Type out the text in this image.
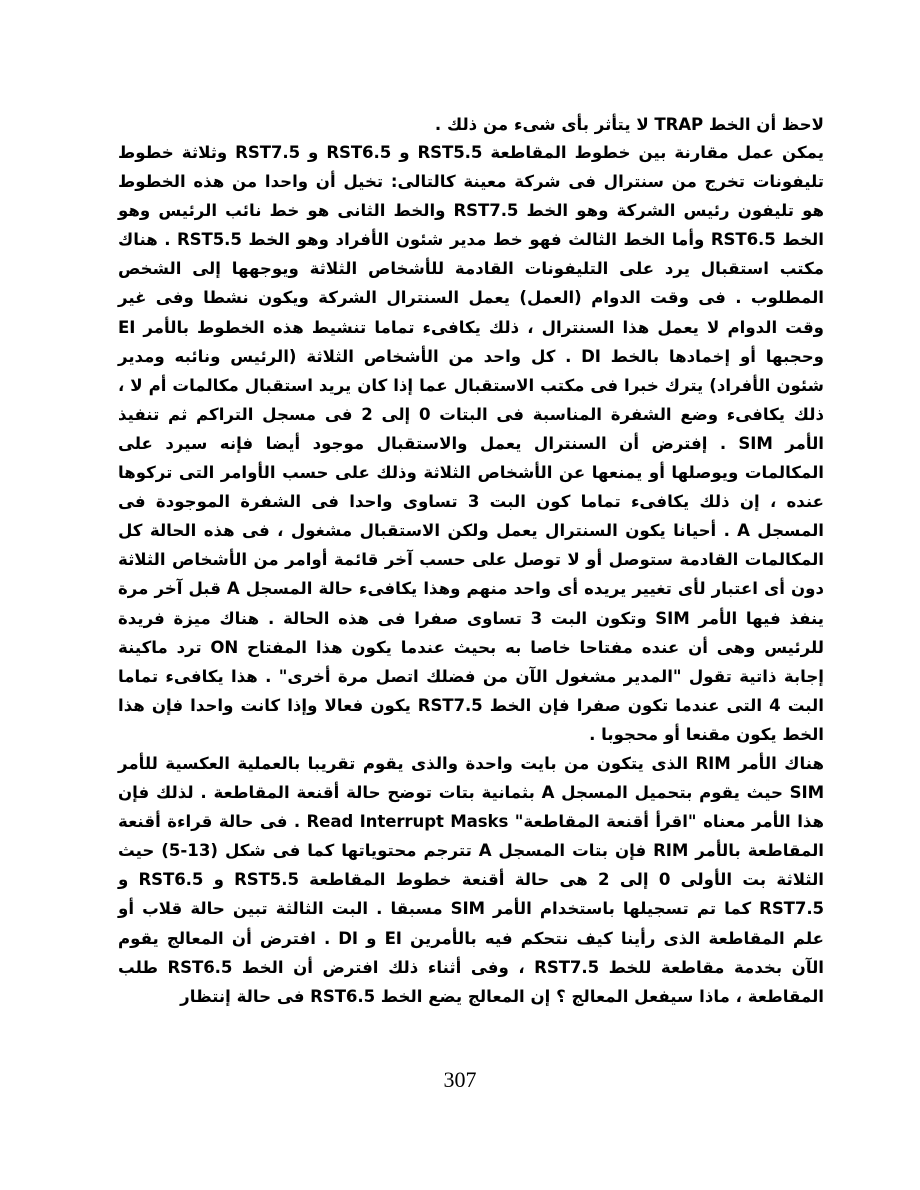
لاحظ أن الخط TRAP لا يتأثر بأى شىء من ذلك .

يمكن عمل مقارنة بين خطوط المقاطعة RST5.5 و RST6.5 و RST7.5 وثلاثة خطوط تليفونات تخرج من سنترال فى شركة معينة كالتالى: تخيل أن واحدا من هذه الخطوط هو تليفون رئيس الشركة وهو الخط RST7.5 والخط الثانى هو خط نائب الرئيس وهو الخط RST6.5 وأما الخط الثالث فهو خط مدير شئون الأفراد وهو الخط RST5.5 . هناك مكتب استقبال يرد على التليفونات القادمة للأشخاص الثلاثة ويوجهها إلى الشخص المطلوب . فى وقت الدوام (العمل) يعمل السنترال الشركة ويكون نشطا وفى غير وقت الدوام لا يعمل هذا السنترال ، ذلك يكافىء تماما تنشيط هذه الخطوط بالأمر EI وحجبها أو إخمادها بالخط DI . كل واحد من الأشخاص الثلاثة (الرئيس ونائبه ومدير شئون الأفراد) يترك خبرا فى مكتب الاستقبال عما إذا كان يريد استقبال مكالمات أم لا ، ذلك يكافىء وضع الشفرة المناسبة فى البتات 0 إلى 2 فى مسجل التراكم ثم تنفيذ الأمر SIM . إفترض أن السنترال يعمل والاستقبال موجود أيضا فإنه سيرد على المكالمات ويوصلها أو يمنعها عن الأشخاص الثلاثة وذلك على حسب الأوامر التى تركوها عنده ، إن ذلك يكافىء تماما كون البت 3 تساوى واحدا فى الشفرة الموجودة فى المسجل A . أحيانا يكون السنترال يعمل ولكن الاستقبال مشغول ، فى هذه الحالة كل المكالمات القادمة ستوصل أو لا توصل على حسب آخر قائمة أوامر من الأشخاص الثلاثة دون أى اعتبار لأى تغيير يريده أى واحد منهم وهذا يكافىء حالة المسجل A قبل آخر مرة ينفذ فيها الأمر SIM وتكون البت 3 تساوى صفرا فى هذه الحالة . هناك ميزة فريدة للرئيس وهى أن عنده مفتاحا خاصا به بحيث عندما يكون هذا المفتاح ON ترد ماكينة إجابة ذاتية تقول "المدير مشغول الآن من فضلك اتصل مرة أخرى" . هذا يكافىء تماما البت 4 التى عندما تكون صفرا فإن الخط RST7.5 يكون فعالا وإذا كانت واحدا فإن هذا الخط يكون مقنعا أو محجوبا .

هناك الأمر RIM الذى يتكون من بايت واحدة والذى يقوم تقريبا بالعملية العكسية للأمر SIM حيث يقوم بتحميل المسجل A بثمانية بتات توضح حالة أقنعة المقاطعة . لذلك فإن هذا الأمر معناه "اقرأ أقنعة المقاطعة" Read Interrupt Masks . فى حالة قراءة أقنعة المقاطعة بالأمر RIM فإن بتات المسجل A تترجم محتوياتها كما فى شكل (13-5) حيث الثلاثة بت الأولى 0 إلى 2 هى حالة أقنعة خطوط المقاطعة RST5.5 و RST6.5 و RST7.5 كما تم تسجيلها باستخدام الأمر SIM مسبقا . البت الثالثة تبين حالة قلاب أو علم المقاطعة الذى رأينا كيف نتحكم فيه بالأمرين EI و DI . افترض أن المعالج يقوم الآن بخدمة مقاطعة للخط RST7.5 ، وفى أثناء ذلك افترض أن الخط RST6.5 طلب المقاطعة ، ماذا سيفعل المعالج ؟ إن المعالج يضع الخط RST6.5 فى حالة إنتظار

307
